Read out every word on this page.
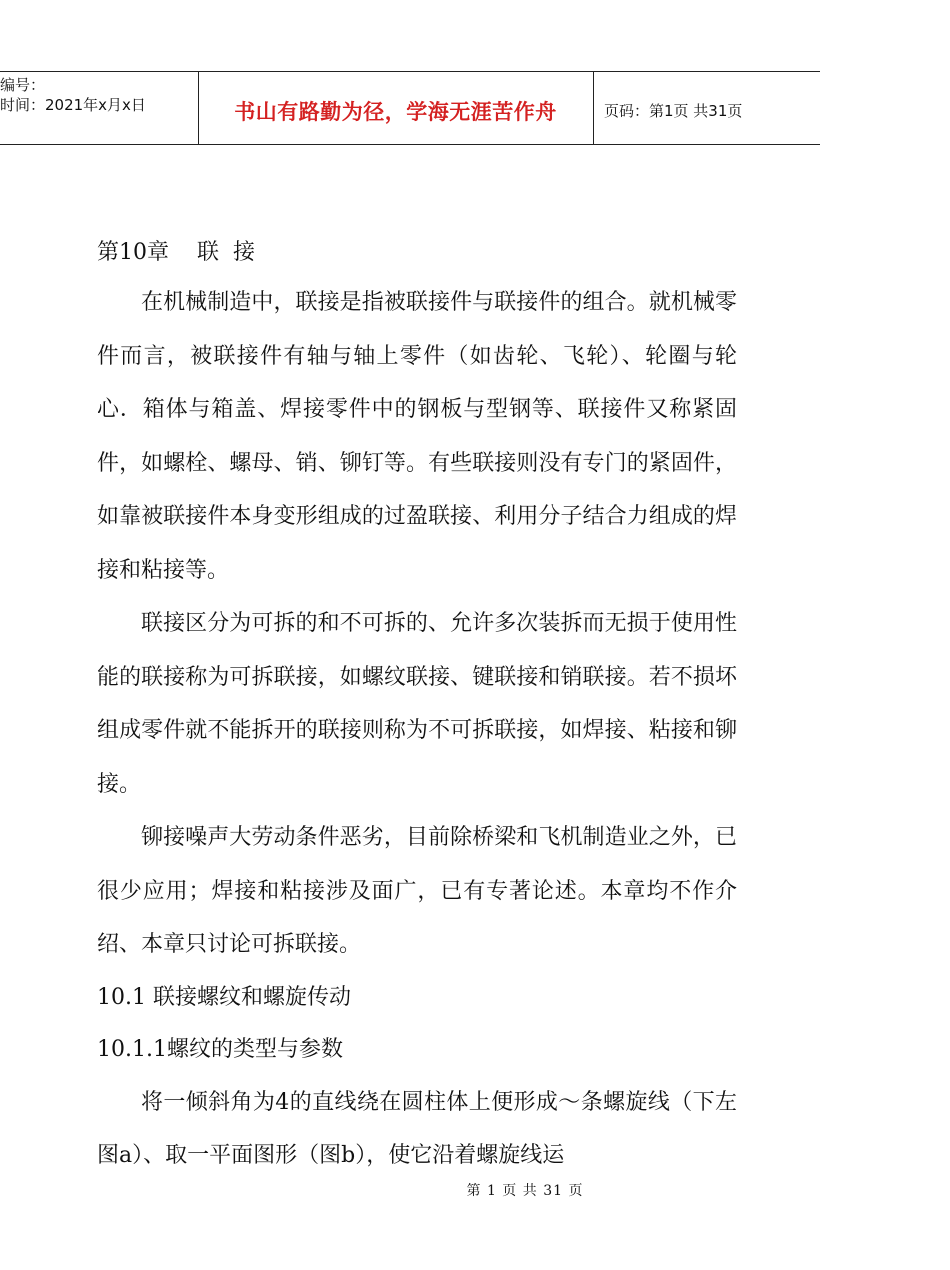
编号：
时间：2021年x月x日	书山有路勤为径，学海无涯苦作舟	页码：第1页 共31页
第10章    联  接

在机械制造中，联接是指被联接件与联接件的组合。就机械零件而言，被联接件有轴与轴上零件（如齿轮、飞轮）、轮圈与轮心．箱体与箱盖、焊接零件中的钢板与型钢等、联接件又称紧固件，如螺栓、螺母、销、铆钉等。有些联接则没有专门的紧固件，如靠被联接件本身变形组成的过盈联接、利用分子结合力组成的焊接和粘接等。

联接区分为可拆的和不可拆的、允许多次装拆而无损于使用性能的联接称为可拆联接，如螺纹联接、键联接和销联接。若不损坏组成零件就不能拆开的联接则称为不可拆联接，如焊接、粘接和铆接。

铆接噪声大劳动条件恶劣，目前除桥梁和飞机制造业之外，已很少应用；焊接和粘接涉及面广，已有专著论述。本章均不作介绍、本章只讨论可拆联接。

10.1 联接螺纹和螺旋传动
10.1.1螺纹的类型与参数

将一倾斜角为4的直线绕在圆柱体上便形成～条螺旋线（下左图a）、取一平面图形（图b），使它沿着螺旋线运

第 1 页 共 31 页
